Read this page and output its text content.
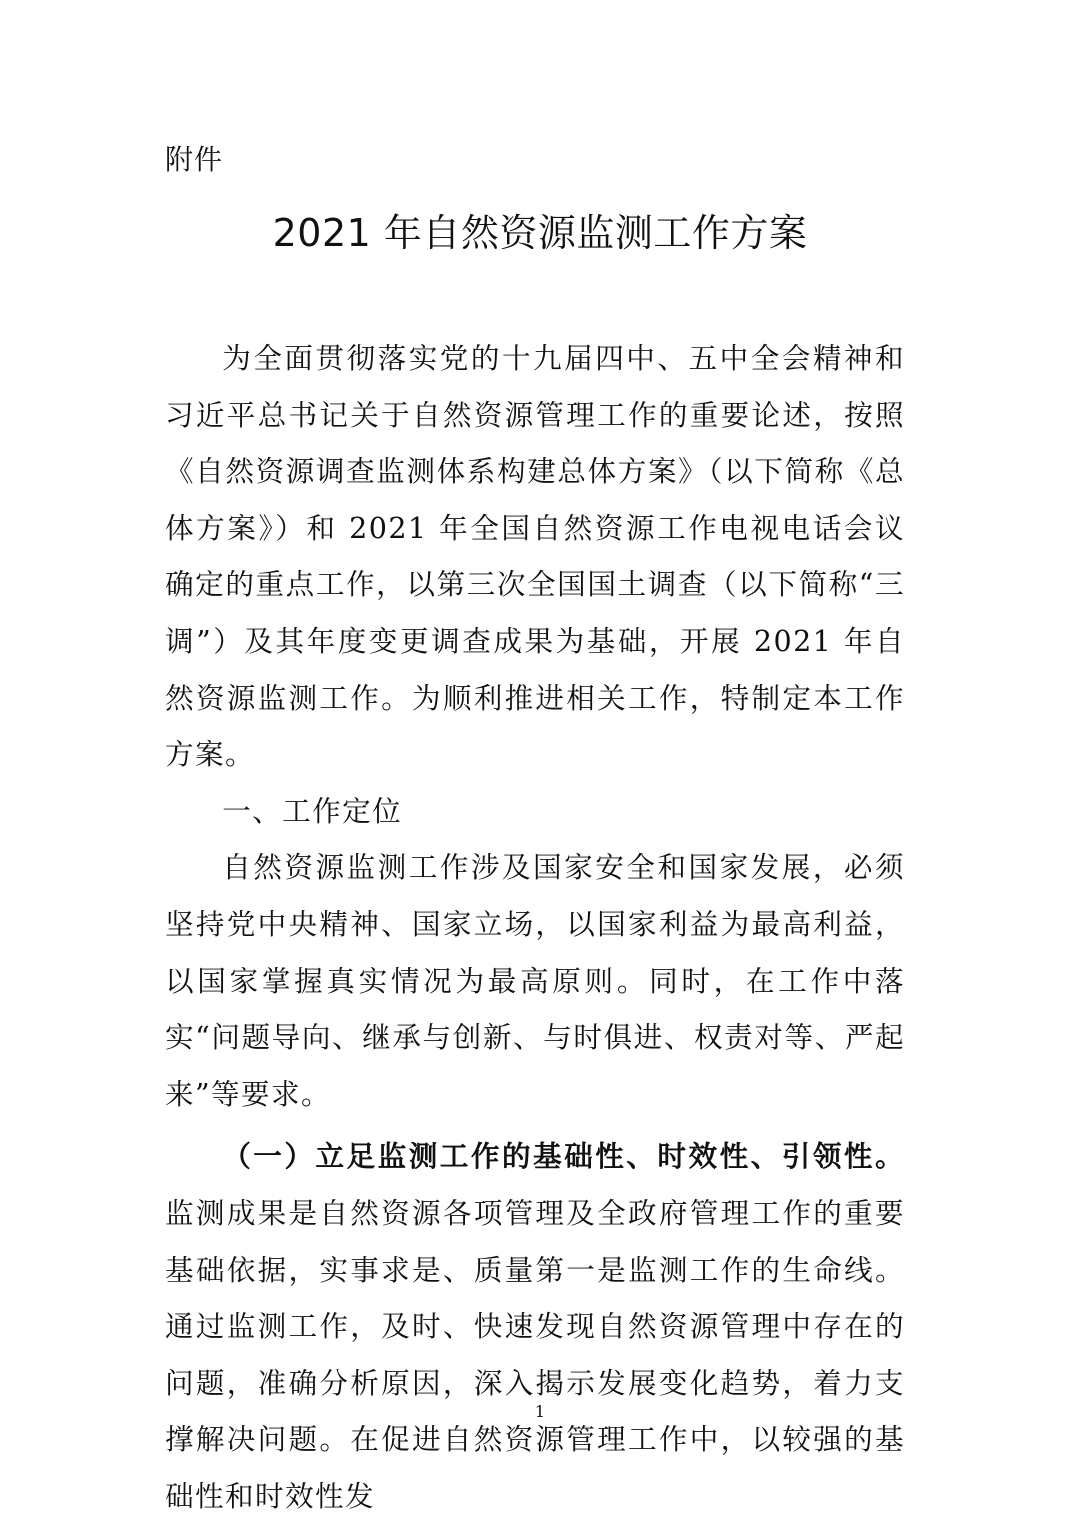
附件
2021 年自然资源监测工作方案

为全面贯彻落实党的十九届四中、五中全会精神和习近平总书记关于自然资源管理工作的重要论述，按照《自然资源调查监测体系构建总体方案》（以下简称《总体方案》）和 2021 年全国自然资源工作电视电话会议确定的重点工作，以第三次全国国土调查（以下简称“三调”）及其年度变更调查成果为基础，开展 2021 年自然资源监测工作。为顺利推进相关工作，特制定本工作方案。

一、工作定位

自然资源监测工作涉及国家安全和国家发展，必须坚持党中央精神、国家立场，以国家利益为最高利益，以国家掌握真实情况为最高原则。同时，在工作中落实“问题导向、继承与创新、与时俱进、权责对等、严起来”等要求。

（一）立足监测工作的基础性、时效性、引领性。监测成果是自然资源各项管理及全政府管理工作的重要基础依据，实事求是、质量第一是监测工作的生命线。通过监测工作，及时、快速发现自然资源管理中存在的问题，准确分析原因，深入揭示发展变化趋势，着力支撑解决问题。在促进自然资源管理工作中，以较强的基础性和时效性发

1
